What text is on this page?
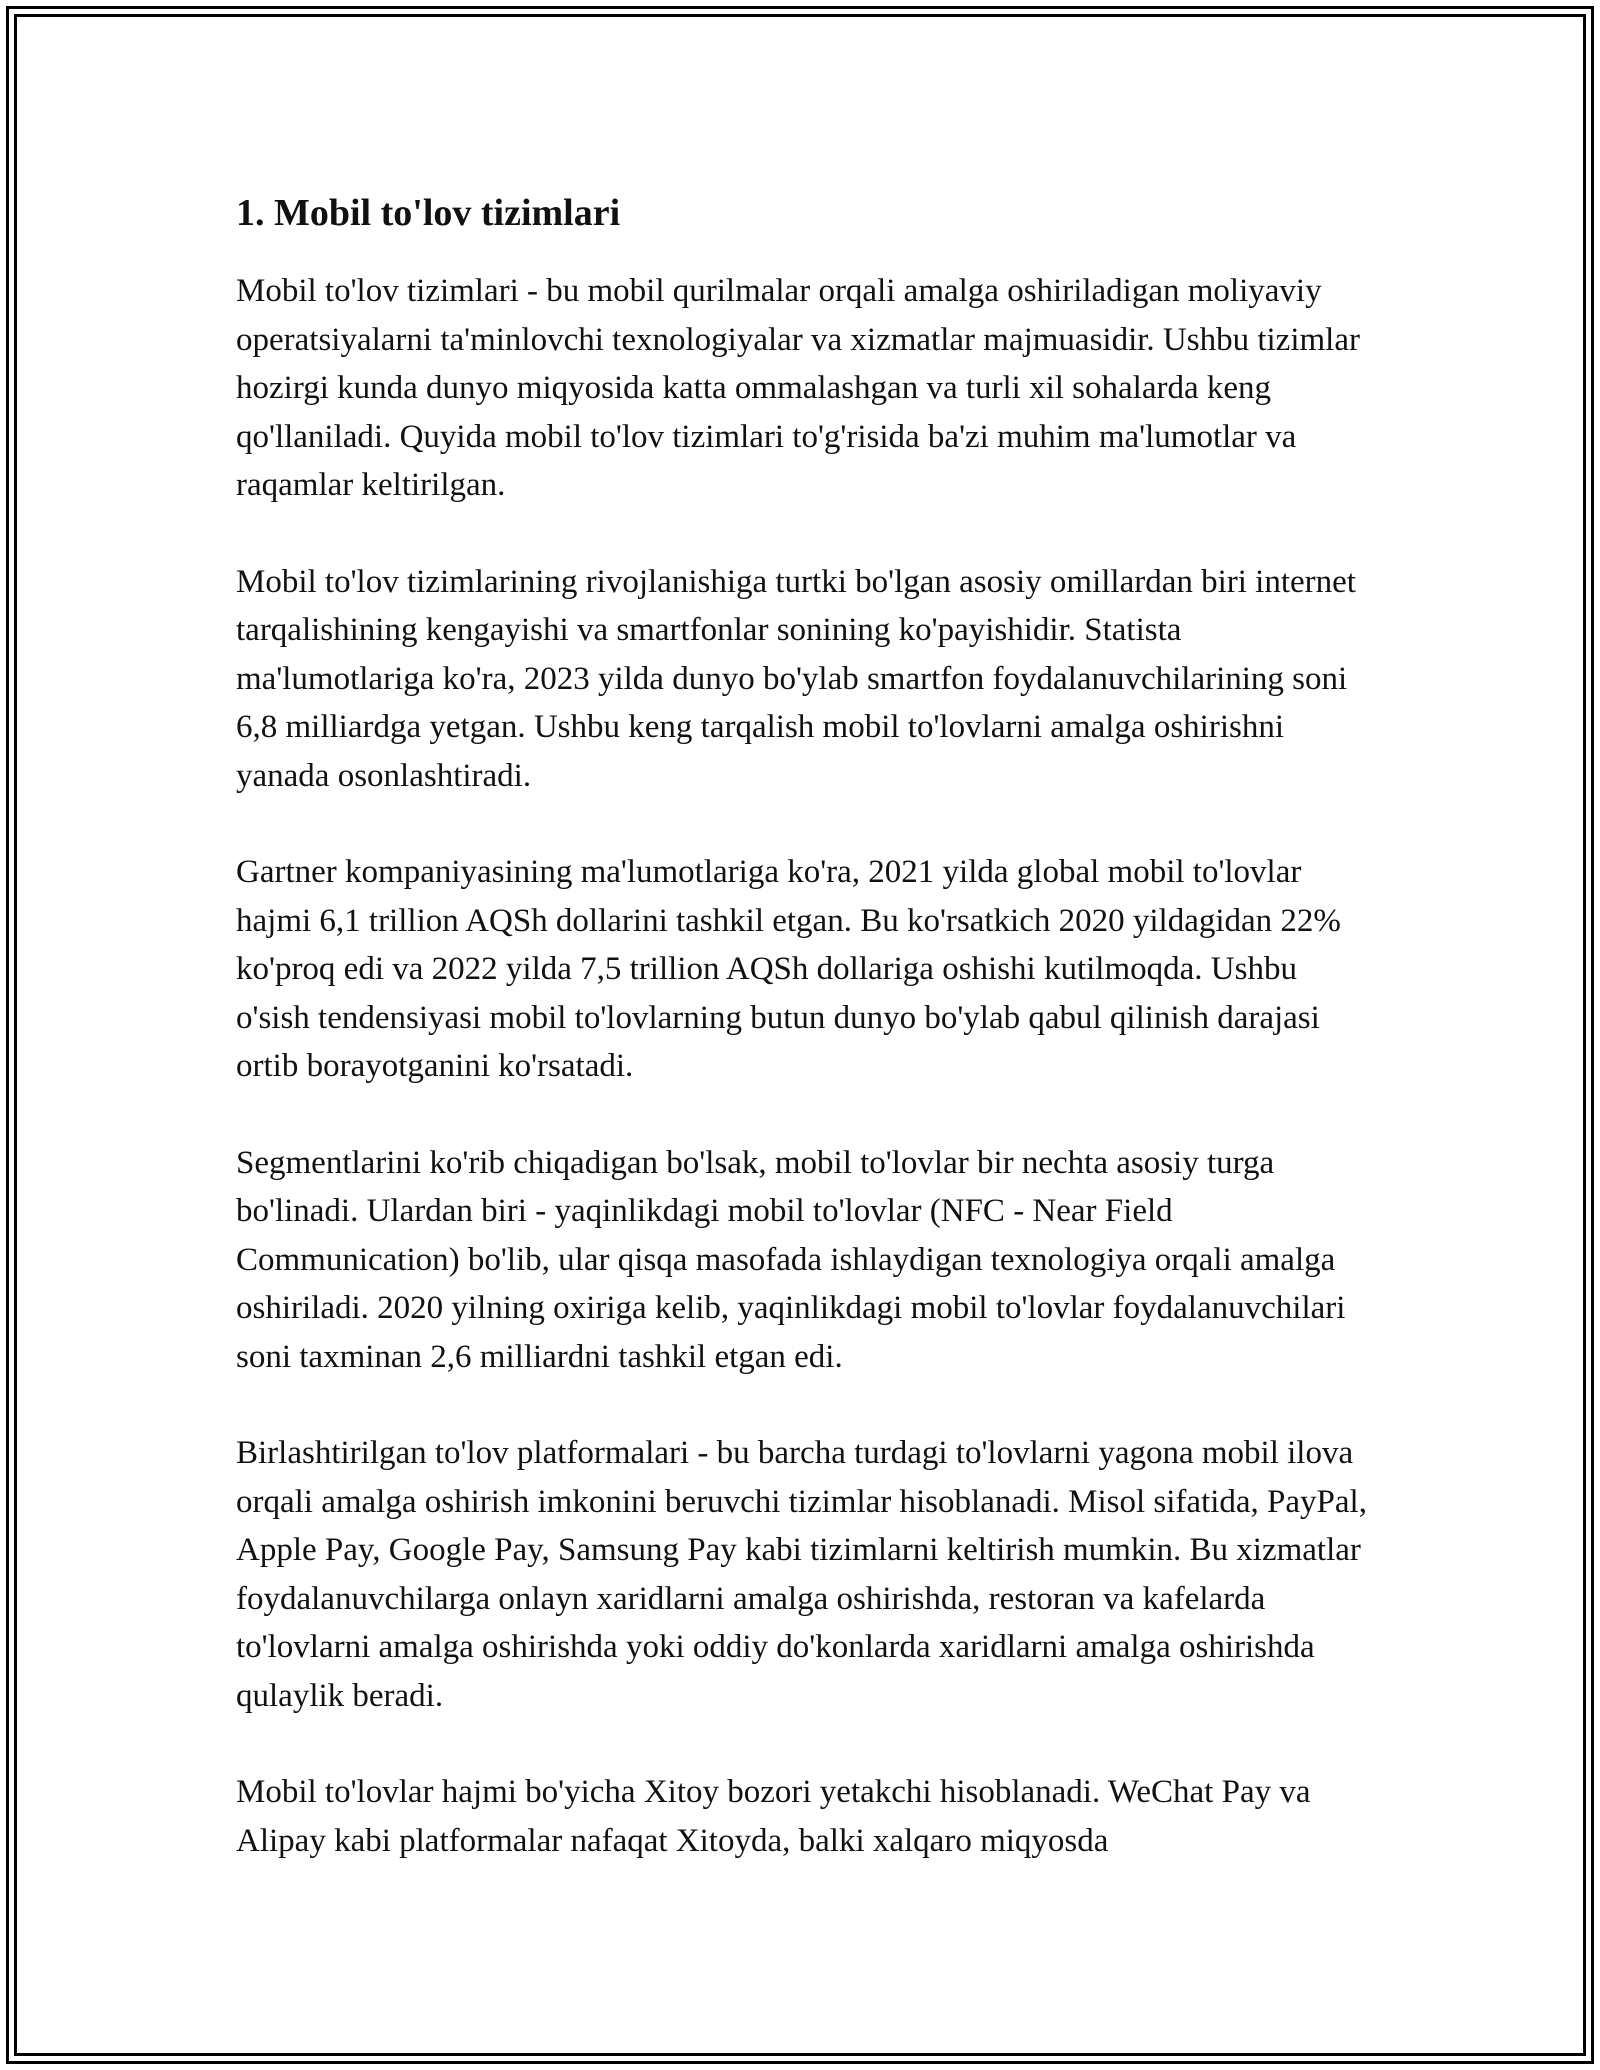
1. Mobil to'lov tizimlari

Mobil to'lov tizimlari - bu mobil qurilmalar orqali amalga oshiriladigan moliyaviy operatsiyalarni ta'minlovchi texnologiyalar va xizmatlar majmuasidir. Ushbu tizimlar hozirgi kunda dunyo miqyosida katta ommalashgan va turli xil sohalarda keng qo'llaniladi. Quyida mobil to'lov tizimlari to'g'risida ba'zi muhim ma'lumotlar va raqamlar keltirilgan.

Mobil to'lov tizimlarining rivojlanishiga turtki bo'lgan asosiy omillardan biri internet tarqalishining kengayishi va smartfonlar sonining ko'payishidir. Statista ma'lumotlariga ko'ra, 2023 yilda dunyo bo'ylab smartfon foydalanuvchilarining soni 6,8 milliardga yetgan. Ushbu keng tarqalish mobil to'lovlarni amalga oshirishni yanada osonlashtiradi.

Gartner kompaniyasining ma'lumotlariga ko'ra, 2021 yilda global mobil to'lovlar hajmi 6,1 trillion AQSh dollarini tashkil etgan. Bu ko'rsatkich 2020 yildagidan 22% ko'proq edi va 2022 yilda 7,5 trillion AQSh dollariga oshishi kutilmoqda. Ushbu o'sish tendensiyasi mobil to'lovlarning butun dunyo bo'ylab qabul qilinish darajasi ortib borayotganini ko'rsatadi.

Segmentlarini ko'rib chiqadigan bo'lsak, mobil to'lovlar bir nechta asosiy turga bo'linadi. Ulardan biri - yaqinlikdagi mobil to'lovlar (NFC - Near Field Communication) bo'lib, ular qisqa masofada ishlaydigan texnologiya orqali amalga oshiriladi. 2020 yilning oxiriga kelib, yaqinlikdagi mobil to'lovlar foydalanuvchilari soni taxminan 2,6 milliardni tashkil etgan edi.

Birlashtirilgan to'lov platformalari - bu barcha turdagi to'lovlarni yagona mobil ilova orqali amalga oshirish imkonini beruvchi tizimlar hisoblanadi. Misol sifatida, PayPal, Apple Pay, Google Pay, Samsung Pay kabi tizimlarni keltirish mumkin. Bu xizmatlar foydalanuvchilarga onlayn xaridlarni amalga oshirishda, restoran va kafelarda to'lovlarni amalga oshirishda yoki oddiy do'konlarda xaridlarni amalga oshirishda qulaylik beradi.

Mobil to'lovlar hajmi bo'yicha Xitoy bozori yetakchi hisoblanadi. WeChat Pay va Alipay kabi platformalar nafaqat Xitoyda, balki xalqaro miqyosda
